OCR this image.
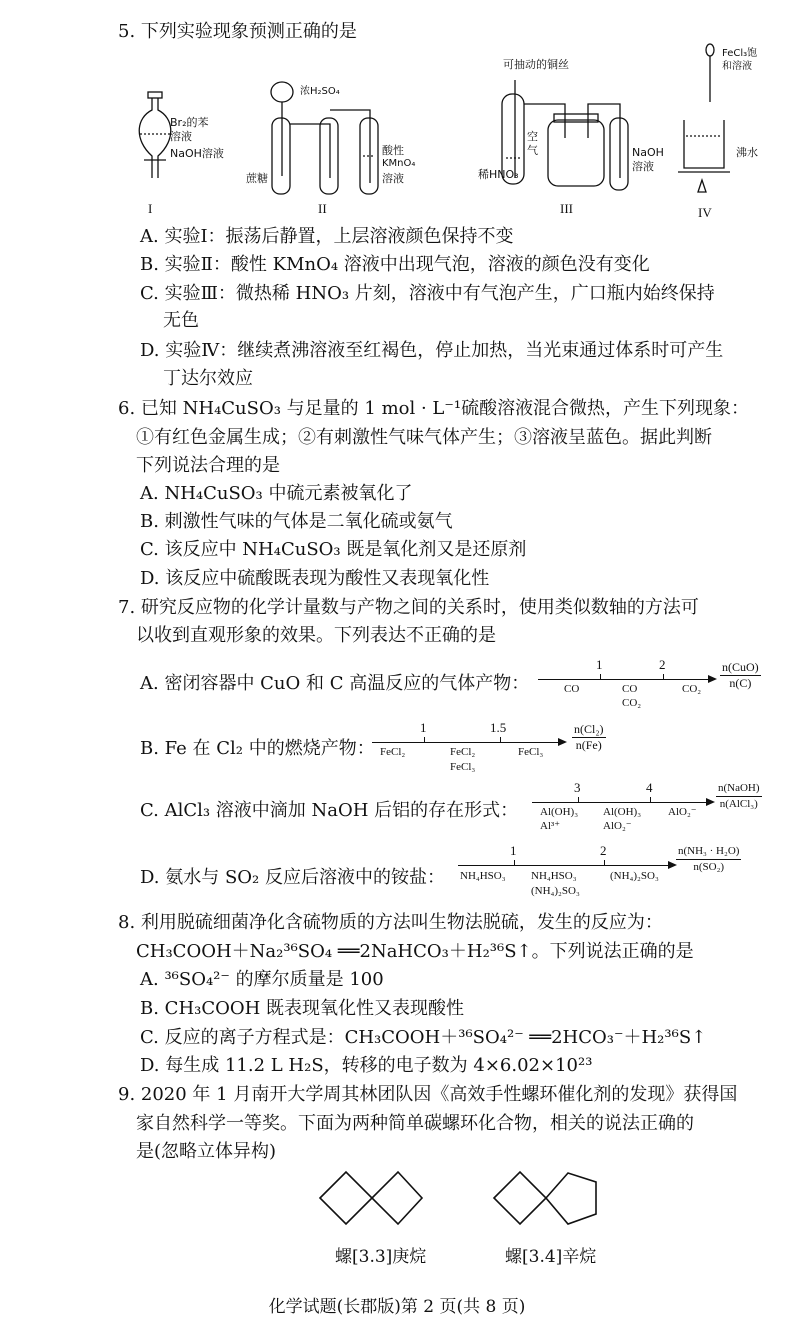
5. 下列实验现象预测正确的是
I	II	III	IV
Br₂的苯
溶液
NaOH溶液
浓H₂SO₄
蔗糖
酸性
KMnO₄
溶液
可抽动的铜丝
空
气
稀HNO₃
NaOH
溶液
FeCl₃饱
和溶液
沸水
A. 实验Ⅰ：振荡后静置，上层溶液颜色保持不变
B. 实验Ⅱ：酸性 KMnO₄ 溶液中出现气泡，溶液的颜色没有变化
C. 实验Ⅲ：微热稀 HNO₃ 片刻，溶液中有气泡产生，广口瓶内始终保持
无色
D. 实验Ⅳ：继续煮沸溶液至红褐色，停止加热，当光束通过体系时可产生
丁达尔效应
6. 已知 NH₄CuSO₃ 与足量的 1 mol · L⁻¹硫酸溶液混合微热，产生下列现象：
①有红色金属生成；②有刺激性气味气体产生；③溶液呈蓝色。据此判断
下列说法合理的是
A. NH₄CuSO₃ 中硫元素被氧化了
B. 刺激性气味的气体是二氧化硫或氨气
C. 该反应中 NH₄CuSO₃ 既是氧化剂又是还原剂
D. 该反应中硫酸既表现为酸性又表现氧化性
7. 研究反应物的化学计量数与产物之间的关系时，使用类似数轴的方法可
以收到直观形象的效果。下列表达不正确的是
A. 密闭容器中 CuO 和 C 高温反应的气体产物：
1	2
CO	CO
CO₂
CO₂
n(CuO)
n(C)
B. Fe 在 Cl₂ 中的燃烧产物：
1	1.5
FeCl₂	FeCl₂
FeCl₃
FeCl₃ $\frac{\text{n(Cl₂)}}{n(Fe)}$
C. AlCl₃ 溶液中滴加 NaOH 后铝的存在形式：
3	4
Al(OH)₃
Al³⁺
Al(OH)₃
AlO₂⁻
AlO₂⁻
n(NaOH)
n(AlCl₃)
D. 氨水与 SO₂ 反应后溶液中的铵盐：
1	2
NH₄HSO₃ NH₄HSO₃
(NH₄)₂SO₃
(NH₄)₂SO₃
$\frac{\text{n(NH₃ · H₂O)}}{\text{n(SO₂)}}$
8. 利用脱硫细菌净化含硫物质的方法叫生物法脱硫，发生的反应为：
CH₃COOH＋Na₂³⁶SO₄ ══2NaHCO₃＋H₂³⁶S↑。下列说法正确的是
A. ³⁶SO₄²⁻ 的摩尔质量是 100
B. CH₃COOH 既表现氧化性又表现酸性
C. 反应的离子方程式是：CH₃COOH＋³⁶SO₄²⁻ ══2HCO₃⁻＋H₂³⁶S↑
D. 每生成 11.2 L H₂S，转移的电子数为 4×6.02×10²³
9. 2020 年 1 月南开大学周其林团队因《高效手性螺环催化剂的发现》获得国
家自然科学一等奖。下面为两种简单碳螺环化合物，相关的说法正确的
是(忽略立体异构)
螺[3.3]庚烷	螺[3.4]辛烷
化学试题(长郡版)第 2 页(共 8 页)
